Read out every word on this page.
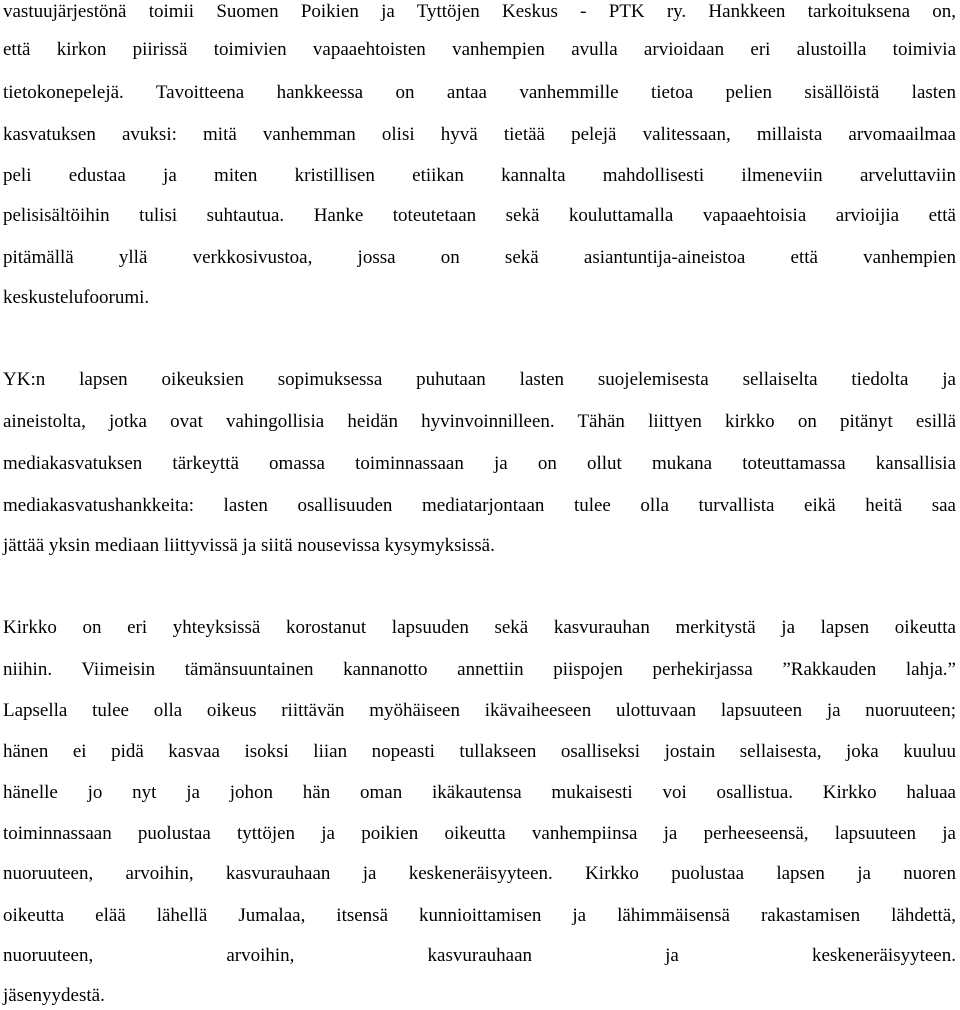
vastuujärjestönä toimii Suomen Poikien ja Tyttöjen Keskus - PTK ry. Hankkeen tarkoituksena on,
että kirkon piirissä toimivien vapaaehtoisten vanhempien avulla arvioidaan eri alustoilla toimivia
tietokonepelejä. Tavoitteena hankkeessa on antaa vanhemmille tietoa pelien sisällöistä lasten
kasvatuksen avuksi: mitä vanhemman olisi hyvä tietää pelejä valitessaan, millaista arvomaailmaa
peli edustaa ja miten kristillisen etiikan kannalta mahdollisesti ilmeneviin arveluttaviin
pelisisältöihin tulisi suhtautua. Hanke toteutetaan sekä kouluttamalla vapaaehtoisia arvioijia että
pitämällä yllä verkkosivustoa, jossa on sekä asiantuntija-aineistoa että vanhempien
keskustelufoorumi.
YK:n lapsen oikeuksien sopimuksessa puhutaan lasten suojelemisesta sellaiselta tiedolta ja
aineistolta, jotka ovat vahingollisia heidän hyvinvoinnilleen. Tähän liittyen kirkko on pitänyt esillä
mediakasvatuksen tärkeyttä omassa toiminnassaan ja on ollut mukana toteuttamassa kansallisia
mediakasvatushankkeita: lasten osallisuuden mediatarjontaan tulee olla turvallista eikä heitä saa
jättää yksin mediaan liittyvissä ja siitä nousevissa kysymyksissä.
Kirkko on eri yhteyksissä korostanut lapsuuden sekä kasvurauhan merkitystä ja lapsen oikeutta
niihin. Viimeisin tämänsuuntainen kannanotto annettiin piispojen perhekirjassa ”Rakkauden lahja.”
Lapsella tulee olla oikeus riittävän myöhäiseen ikävaiheeseen ulottuvaan lapsuuteen ja nuoruuteen;
hänen ei pidä kasvaa isoksi liian nopeasti tullakseen osalliseksi jostain sellaisesta, joka kuuluu
hänelle jo nyt ja johon hän oman ikäkautensa mukaisesti voi osallistua. Kirkko haluaa
toiminnassaan puolustaa tyttöjen ja poikien oikeutta vanhempiinsa ja perheeseensä, lapsuuteen ja
nuoruuteen, arvoihin, kasvurauhaan ja keskeneräisyyteen. Kirkko puolustaa lapsen ja nuoren
oikeutta elää lähellä Jumalaa, itsensä kunnioittamisen ja lähimmäisensä rakastamisen lähdettä,
nuoruuteen, arvoihin, kasvurauhaan ja keskeneräisyyteen.
jäsenyydestä.
